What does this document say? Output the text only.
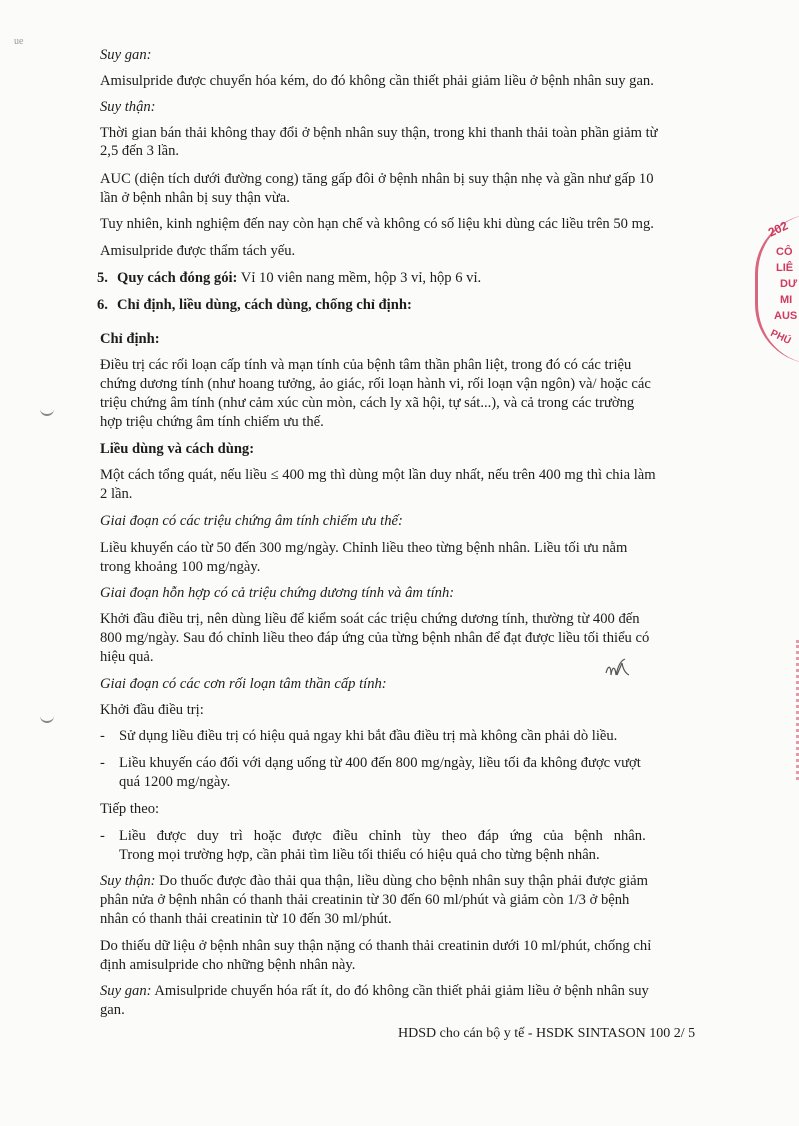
ue
Suy gan:
Amisulpride được chuyển hóa kém, do đó không cần thiết phải giảm liều ở bệnh nhân suy gan.
Suy thận:
Thời gian bán thải không thay đổi ở bệnh nhân suy thận, trong khi thanh thải toàn phần giảm từ
2,5 đến 3 lần.
AUC (diện tích dưới đường cong) tăng gấp đôi ở bệnh nhân bị suy thận nhẹ và gần như gấp 10
lần ở bệnh nhân bị suy thận vừa.
Tuy nhiên, kinh nghiệm đến nay còn hạn chế và không có số liệu khi dùng các liều trên 50 mg.
Amisulpride được thẩm tách yếu.
5. Quy cách đóng gói: Vỉ 10 viên nang mềm, hộp 3 vỉ, hộp 6 vỉ.
6. Chỉ định, liều dùng, cách dùng, chống chỉ định:
Chỉ định:
Điều trị các rối loạn cấp tính và mạn tính của bệnh tâm thần phân liệt, trong đó có các triệu
chứng dương tính (như hoang tưởng, ảo giác, rối loạn hành vi, rối loạn vận ngôn) và/ hoặc các
triệu chứng âm tính (như cảm xúc cùn mòn, cách ly xã hội, tự sát...), và cả trong các trường
hợp triệu chứng âm tính chiếm ưu thế.
Liều dùng và cách dùng:
Một cách tổng quát, nếu liều ≤ 400 mg thì dùng một lần duy nhất, nếu trên 400 mg thì chia làm
2 lần.
Giai đoạn có các triệu chứng âm tính chiếm ưu thế:
Liều khuyến cáo từ 50 đến 300 mg/ngày. Chỉnh liều theo từng bệnh nhân. Liều tối ưu nằm
trong khoảng 100 mg/ngày.
Giai đoạn hỗn hợp có cả triệu chứng dương tính và âm tính:
Khởi đầu điều trị, nên dùng liều để kiểm soát các triệu chứng dương tính, thường từ 400 đến
800 mg/ngày. Sau đó chỉnh liều theo đáp ứng của từng bệnh nhân để đạt được liều tối thiểu có
hiệu quả.
Giai đoạn có các cơn rối loạn tâm thần cấp tính:
Khởi đầu điều trị:
- Sử dụng liều điều trị có hiệu quả ngay khi bắt đầu điều trị mà không cần phải dò liều.
- Liều khuyến cáo đối với dạng uống từ 400 đến 800 mg/ngày, liều tối đa không được vượt
quá 1200 mg/ngày.
Tiếp theo:
- Liều   được   duy   trì   hoặc   được   điều   chỉnh   tùy   theo   đáp   ứng   của   bệnh   nhân.
Trong mọi trường hợp, cần phải tìm liều tối thiểu có hiệu quả cho từng bệnh nhân.
Suy thận: Do thuốc được đào thải qua thận, liều dùng cho bệnh nhân suy thận phải được giảm
phân nửa ở bệnh nhân có thanh thải creatinin từ 30 đến 60 ml/phút và giảm còn 1/3 ở bệnh
nhân có thanh thải creatinin từ 10 đến 30 ml/phút.
Do thiếu dữ liệu ở bệnh nhân suy thận nặng có thanh thải creatinin dưới 10 ml/phút, chống chỉ
định amisulpride cho những bệnh nhân này.
Suy gan: Amisulpride chuyển hóa rất ít, do đó không cần thiết phải giảm liều ở bệnh nhân suy
gan.
HDSD cho cán bộ y tế - HSDK SINTASON 100 2/ 5
202
CÔ
LIÊ
DƯ
MI
AUS
PHÚ
